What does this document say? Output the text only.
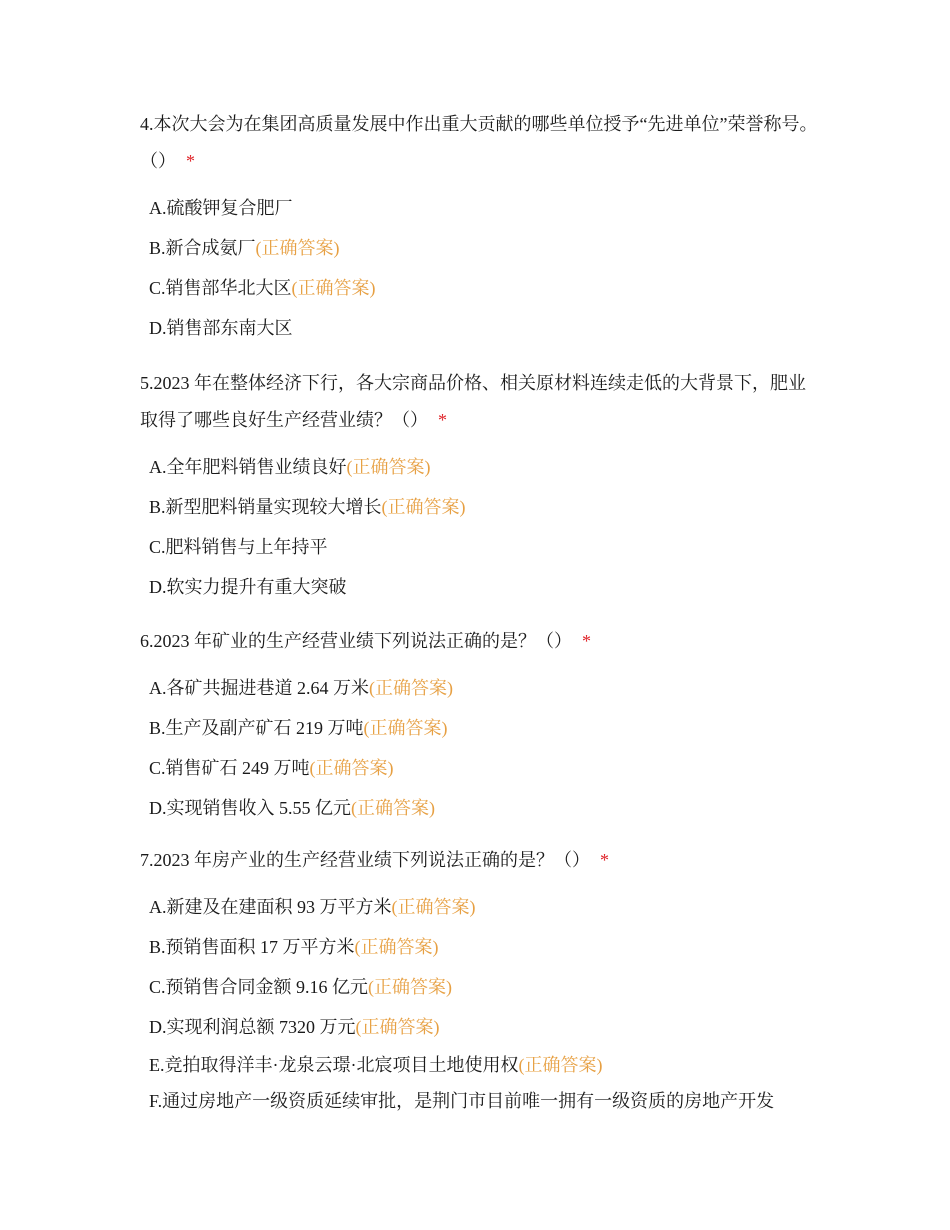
4.本次大会为在集团高质量发展中作出重大贡献的哪些单位授予“先进单位”荣誉称号。（） *

A.硫酸钾复合肥厂
B.新合成氨厂(正确答案)
C.销售部华北大区(正确答案)
D.销售部东南大区

5.2023 年在整体经济下行，各大宗商品价格、相关原材料连续走低的大背景下，肥业取得了哪些良好生产经营业绩？（） *

A.全年肥料销售业绩良好(正确答案)
B.新型肥料销量实现较大增长(正确答案)
C.肥料销售与上年持平
D.软实力提升有重大突破

6.2023 年矿业的生产经营业绩下列说法正确的是？（） *

A.各矿共掘进巷道 2.64 万米(正确答案)
B.生产及副产矿石 219 万吨(正确答案)
C.销售矿石 249 万吨(正确答案)
D.实现销售收入 5.55 亿元(正确答案)

7.2023 年房产业的生产经营业绩下列说法正确的是？（） *

A.新建及在建面积 93 万平方米(正确答案)
B.预销售面积 17 万平方米(正确答案)
C.预销售合同金额 9.16 亿元(正确答案)
D.实现利润总额 7320 万元(正确答案)
E.竞拍取得洋丰·龙泉云璟·北宸项目土地使用权(正确答案)
F.通过房地产一级资质延续审批，是荆门市目前唯一拥有一级资质的房地产开发
